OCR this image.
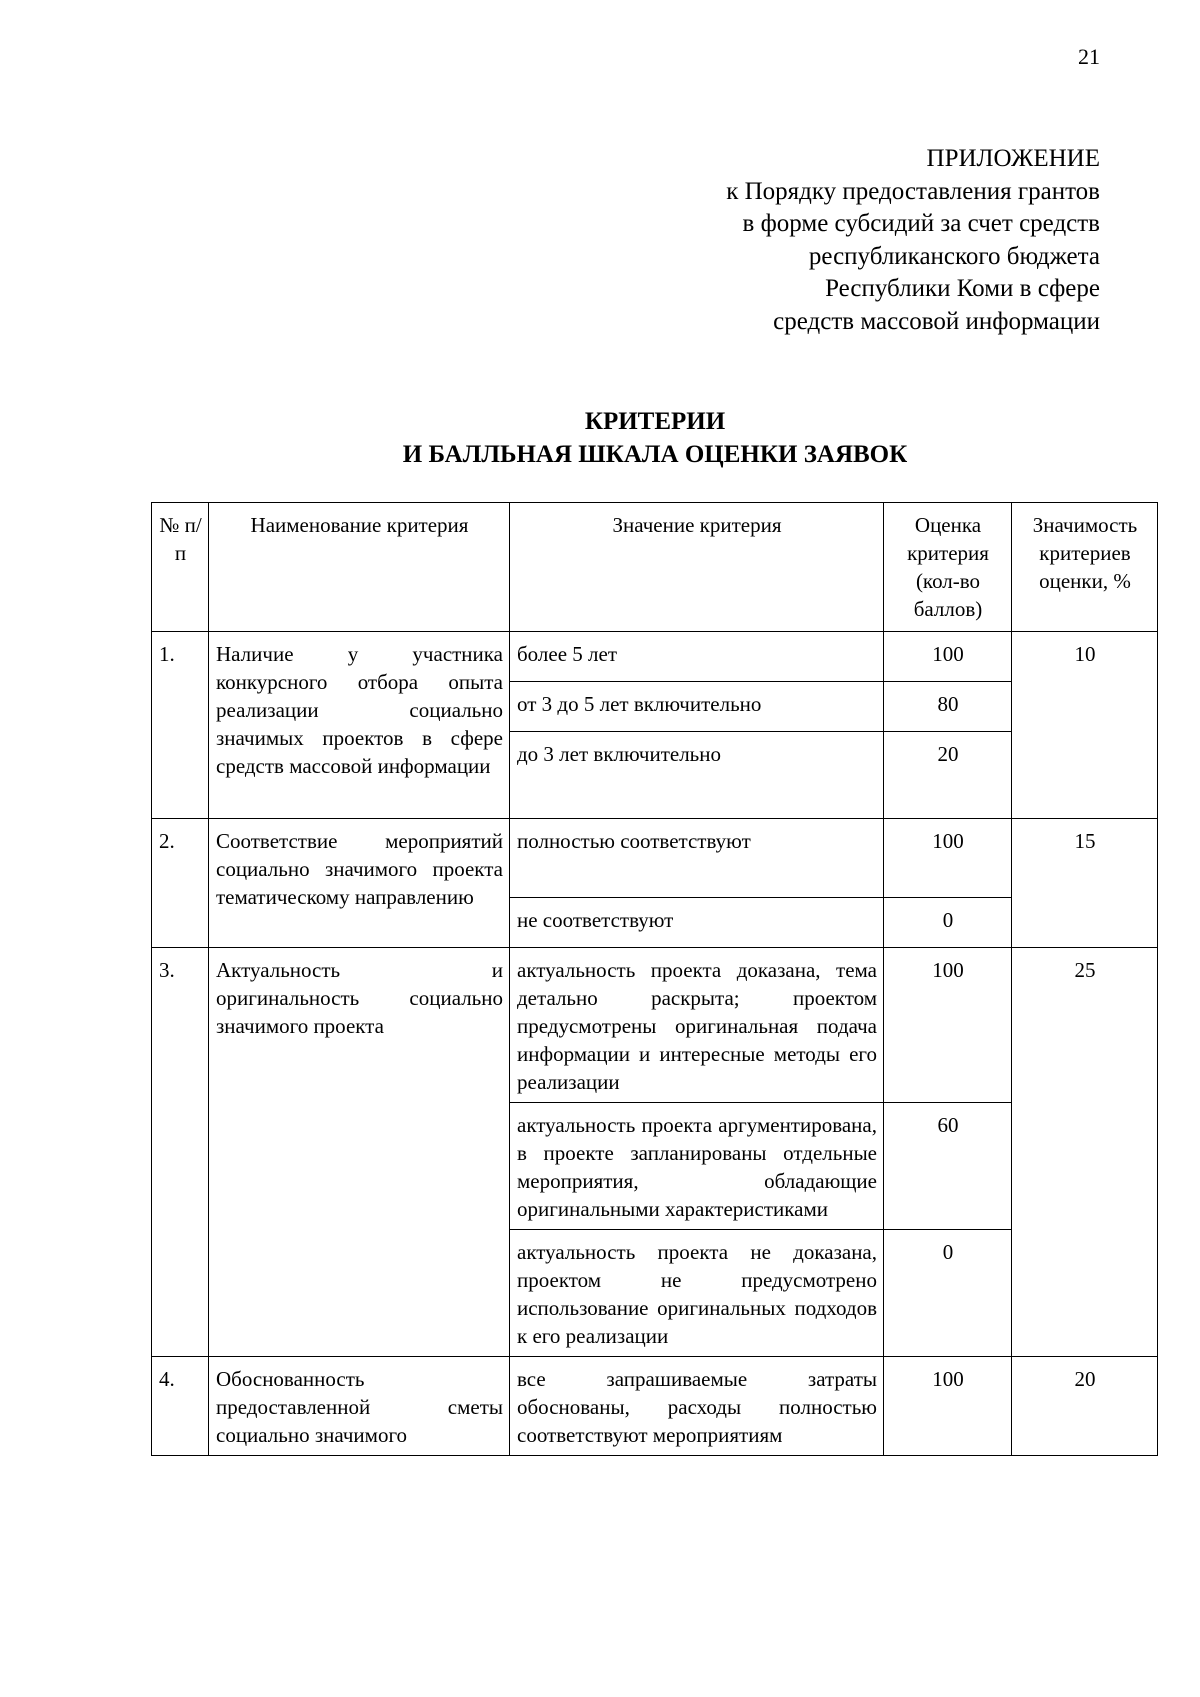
21
ПРИЛОЖЕНИЕ
к Порядку предоставления грантов
в форме субсидий за счет средств
республиканского бюджета
Республики Коми в сфере
средств массовой информации
КРИТЕРИИ
И БАЛЛЬНАЯ ШКАЛА ОЦЕНКИ ЗАЯВОК
№ п/п	Наименование критерия	Значение критерия	Оценка критерия (кол-во баллов)	Значимость критериев оценки, %
1.	Наличие у участника конкурсного отбора опыта реализации социально значимых проектов в сфере средств массовой информации	более 5 лет	100	10
		от 3 до 5 лет включительно	80	
		до 3 лет включительно	20	
2.	Соответствие мероприятий социально значимого проекта тематическому направлению	полностью соответствуют	100	15
		не соответствуют	0	
3.	Актуальность и оригинальность социально значимого проекта	актуальность проекта доказана, тема детально раскрыта; проектом предусмотрены оригинальная подача информации и интересные методы его реализации	100	25
		актуальность проекта аргументирована, в проекте запланированы отдельные мероприятия, обладающие оригинальными характеристиками	60	
		актуальность проекта не доказана, проектом не предусмотрено использование оригинальных подходов к его реализации	0	
4.	Обоснованность предоставленной сметы социально значимого	все запрашиваемые затраты обоснованы, расходы полностью соответствуют мероприятиям	100	20
